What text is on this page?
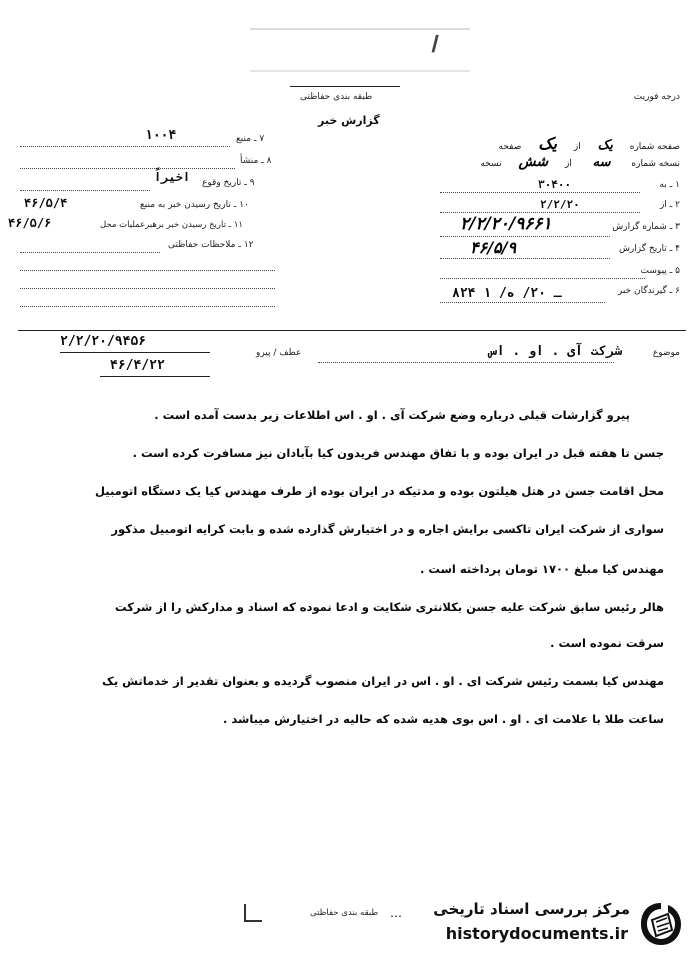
ا
درجه فوریت
طبقه بندی حفاظتی
گزارش خبر
صفحه شماره یک از یک صفحه
نسخه شماره سه از شش نسخه
۱ ـ به
۳۰۴۰۰
۲ ـ از
۲/۲/۲۰
۳ ـ شماره گزارش
۲/۲/۲۰/۹۶۶۱
۴ ـ تاریخ گزارش
۴۶/۵/۹
۵ ـ پیوست
۶ ـ گیرندگان خبر
۸۲۴ ـ ۲۰/ ه/ ۱
۷ ـ منبع
۱۰۰۴
۸ ـ منشأ
۹ ـ تاریخ وقوع
اخیراً
۱۰ ـ تاریخ رسیدن خبر به منبع
۴۶/۵/۴
۱۱ ـ تاریخ رسیدن خبر برهبرعملیات محل
۴۶/۵/۶
۱۲ ـ ملاحظات حفاظتی
۲/۲/۲۰/۹۴۵۶
عطف / پیرو
۴۶/۴/۲۲
موضوع
شرکت آی . او . اس
پیرو گزارشات قبلی درباره وضع شرکت آی . او . اس اطلاعات زیر بدست آمده است .
جسن تا هفته قبل در ایران بوده و با تفاق مهندس فریدون کیا بآبادان نیز مسافرت کرده است .
محل اقامت جسن در هتل هیلتون بوده و مدتیکه در ایران بوده از طرف مهندس کیا یک دستگاه اتومبیل
سواری از شرکت ایران تاکسی برایش اجاره و در اختیارش گذارده شده و بابت کرایه اتومبیل مذکور
مهندس کیا مبلغ ۱۷۰۰ تومان پرداخته است .
هالر رئیس سابق شرکت علیه جسن بکلانتری شکایت و ادعا نموده که اسناد و مدارکش را از شرکت
سرقت نموده است .
مهندس کیا بسمت رئیس شرکت ای . او . اس در ایران منصوب گردیده و بعنوان تقدیر از خدماتش یک
ساعت طلا با علامت ای . او . اس بوی هدیه شده که حالیه در اختیارش میباشد .
طبقه بندی حفاظتی … مرکز بررسی اسناد تاریخی
historydocuments.ir
